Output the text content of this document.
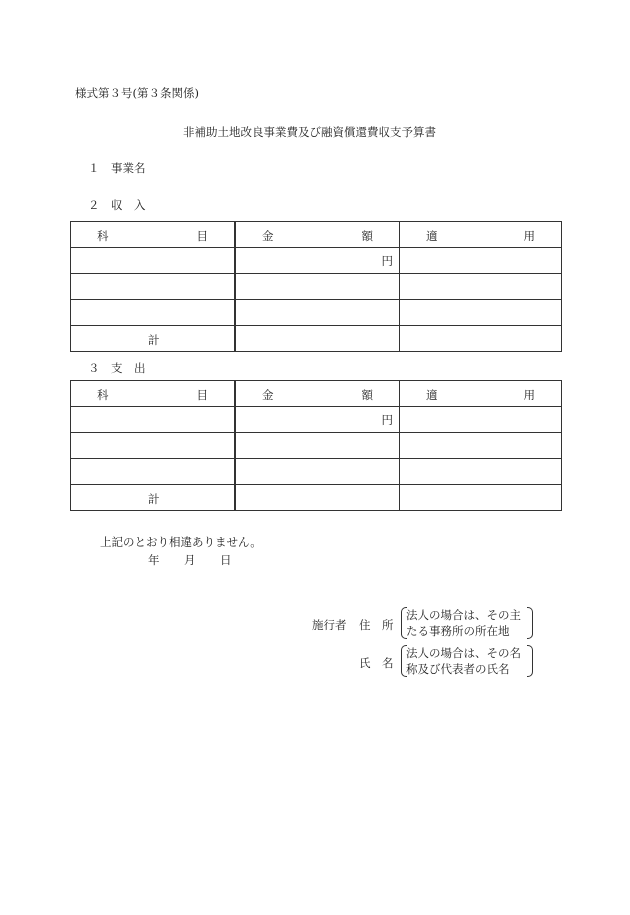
様式第３号(第３条関係)
非補助土地改良事業費及び融資償還費収支予算書
１　事業名
２　収　入
科 目	金 額	適 用

	円	

計		

３　支　出
科 目	金 額	適 用

	円	

計		

上記のとおり相違ありません。
年 月 日
施行者 住　所
法人の場合は、その主
たる事務所の所在地
氏　名
法人の場合は、その名
称及び代表者の氏名
